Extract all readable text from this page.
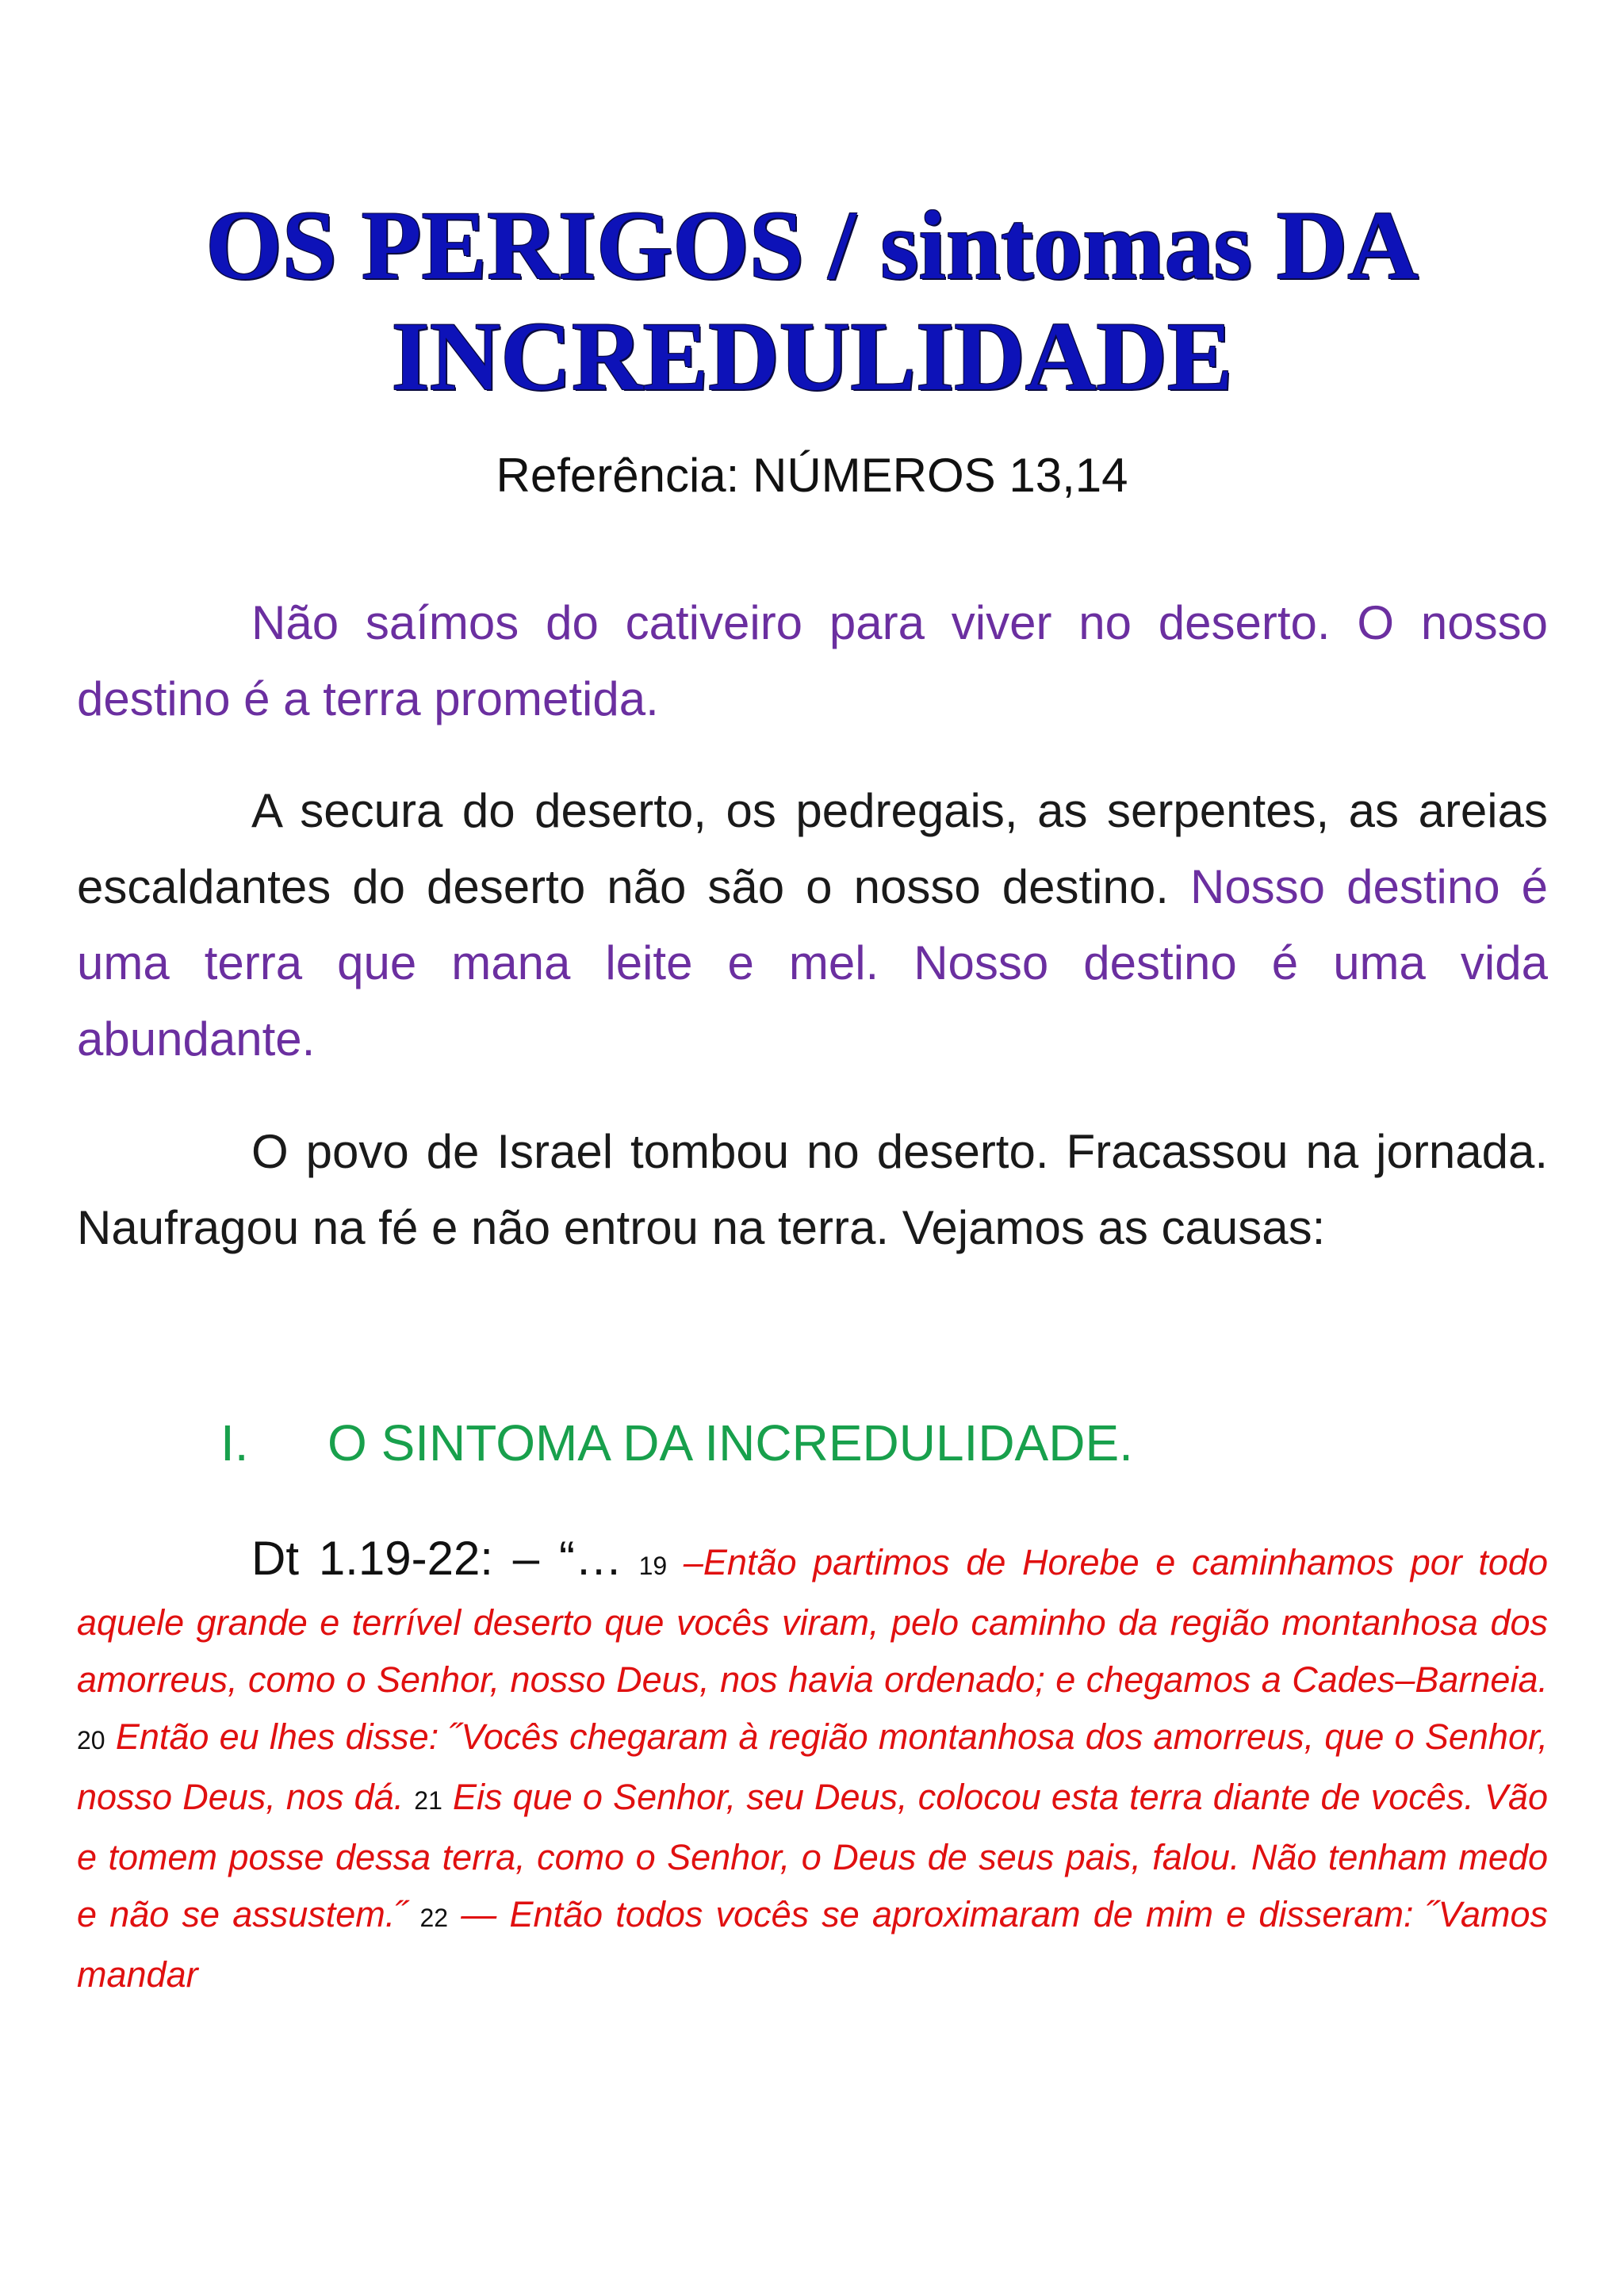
OS PERIGOS / sintomas DA
INCREDULIDADE
Referência: NÚMEROS 13,14

Não saímos do cativeiro para viver no deserto. O nosso destino é a terra prometida.

A secura do deserto, os pedregais, as serpentes, as areias escaldantes do deserto não são o nosso destino. Nosso destino é uma terra que mana leite e mel. Nosso destino é uma vida abundante.

O povo de Israel tombou no deserto. Fracassou na jornada. Naufragou na fé e não entrou na terra. Vejamos as causas:

I. O SINTOMA DA INCREDULIDADE.

Dt 1.19-22: – “… 19 –Então partimos de Horebe e caminhamos por todo aquele grande e terrível deserto que vocês viram, pelo caminho da região montanhosa dos amorreus, como o Senhor, nosso Deus, nos havia ordenado; e chegamos a Cades–Barneia. 20 Então eu lhes disse: ˝Vocês chegaram à região montanhosa dos amorreus, que o Senhor, nosso Deus, nos dá. 21 Eis que o Senhor, seu Deus, colocou esta terra diante de vocês. Vão e tomem posse dessa terra, como o Senhor, o Deus de seus pais, falou. Não tenham medo e não se assustem.˝ 22 — Então todos vocês se aproximaram de mim e disseram: ˝Vamos mandar
